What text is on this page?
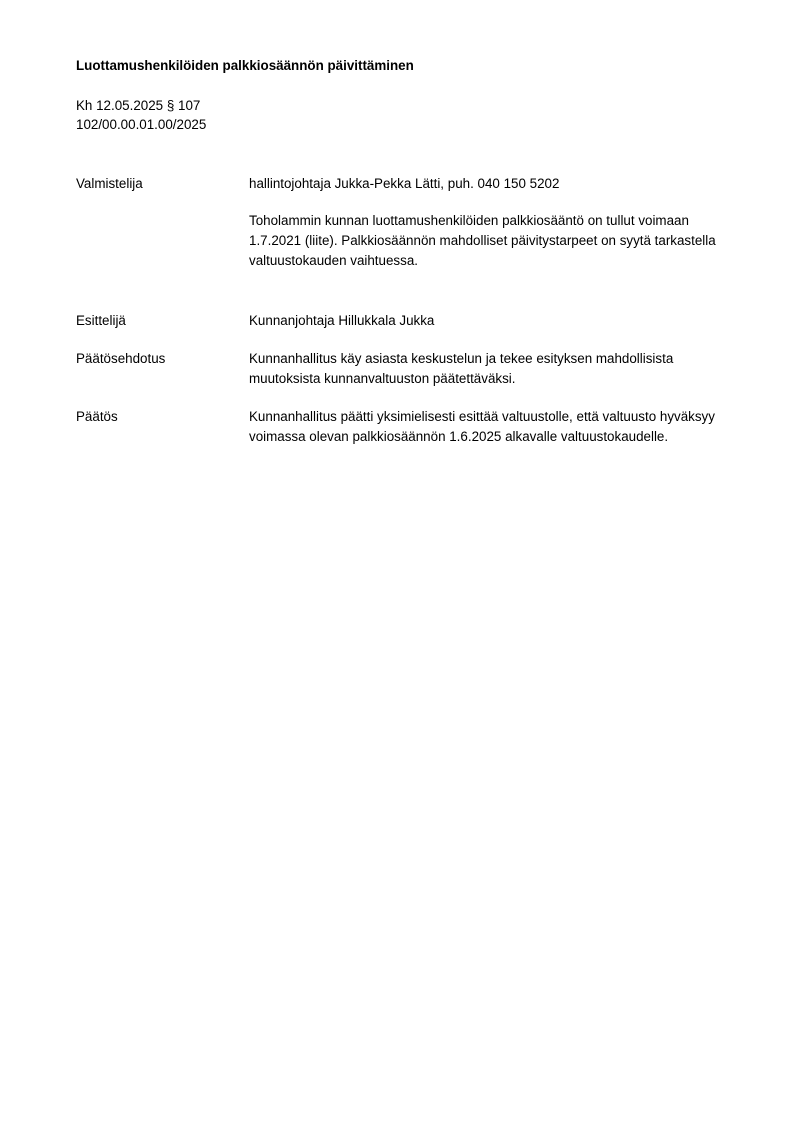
Luottamushenkilöiden palkkiosäännön päivittäminen
Kh 12.05.2025 § 107
102/00.00.01.00/2025
Valmistelija	hallintojohtaja Jukka-Pekka Lätti, puh. 040 150 5202

Toholammin kunnan luottamushenkilöiden palkkiosääntö on tullut voimaan 1.7.2021 (liite). Palkkiosäännön mahdolliset päivitystarpeet on syytä tarkastella valtuustokauden vaihtuessa.

Esittelijä	Kunnanjohtaja Hillukkala Jukka

Päätösehdotus	Kunnanhallitus käy asiasta keskustelun ja tekee esityksen mahdollisista muutoksista kunnanvaltuuston päätettäväksi.

Päätös	Kunnanhallitus päätti yksimielisesti esittää valtuustolle, että valtuusto hyväksyy voimassa olevan palkkiosäännön 1.6.2025 alkavalle valtuustokaudelle.
